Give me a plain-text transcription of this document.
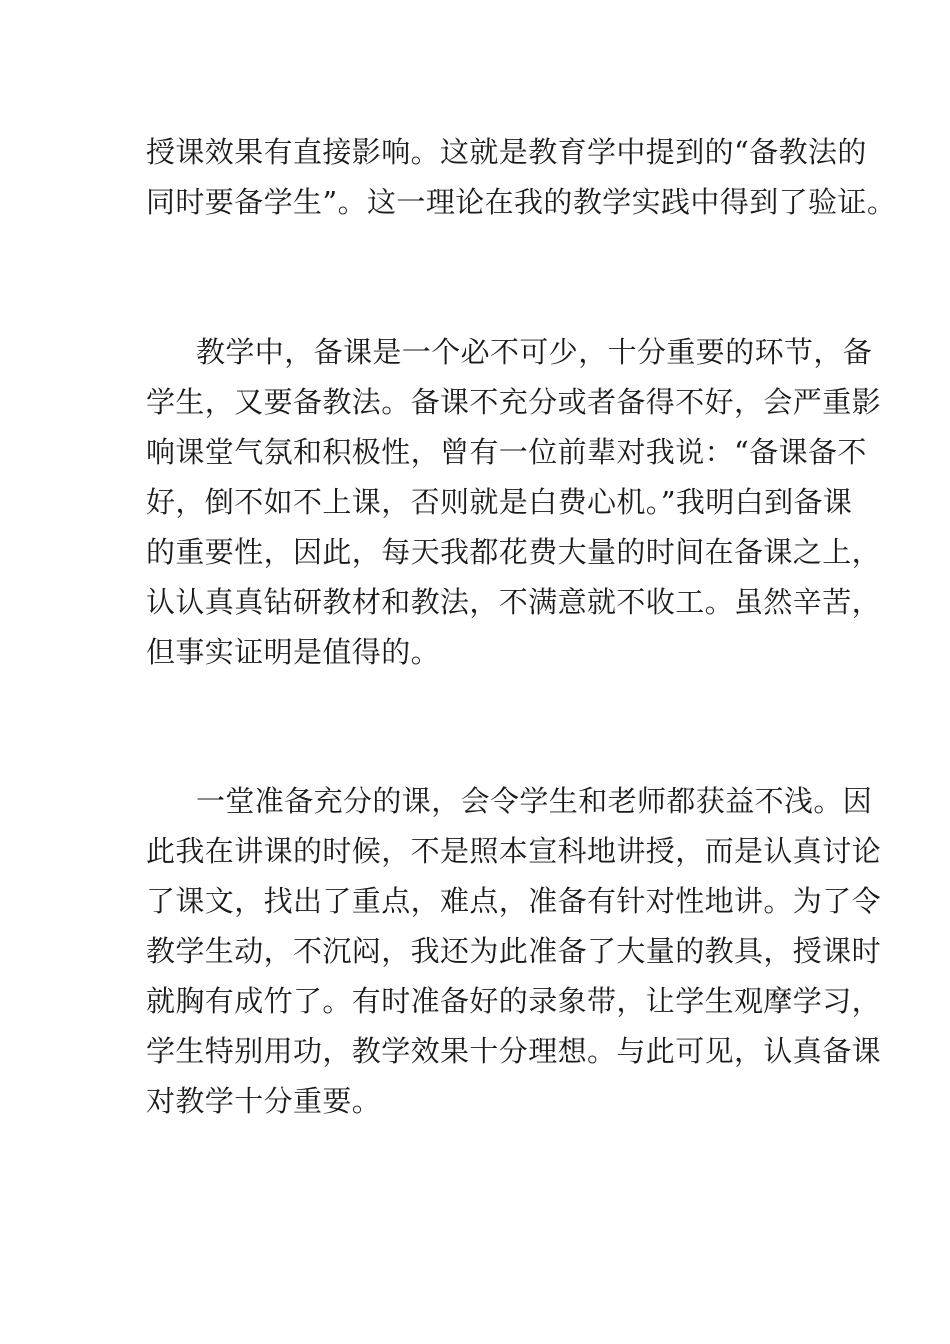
授课效果有直接影响。这就是教育学中提到的“备教法的

同时要备学生”。这一理论在我的教学实践中得到了验证。

教学中，备课是一个必不可少，十分重要的环节，备

学生，又要备教法。备课不充分或者备得不好，会严重影

响课堂气氛和积极性，曾有一位前辈对我说：“备课备不

好，倒不如不上课，否则就是白费心机。”我明白到备课

的重要性，因此，每天我都花费大量的时间在备课之上，

认认真真钻研教材和教法，不满意就不收工。虽然辛苦，

但事实证明是值得的。

一堂准备充分的课，会令学生和老师都获益不浅。因

此我在讲课的时候，不是照本宣科地讲授，而是认真讨论

了课文，找出了重点，难点，准备有针对性地讲。为了令

教学生动，不沉闷，我还为此准备了大量的教具，授课时

就胸有成竹了。有时准备好的录象带，让学生观摩学习，

学生特别用功，教学效果十分理想。与此可见，认真备课

对教学十分重要。
